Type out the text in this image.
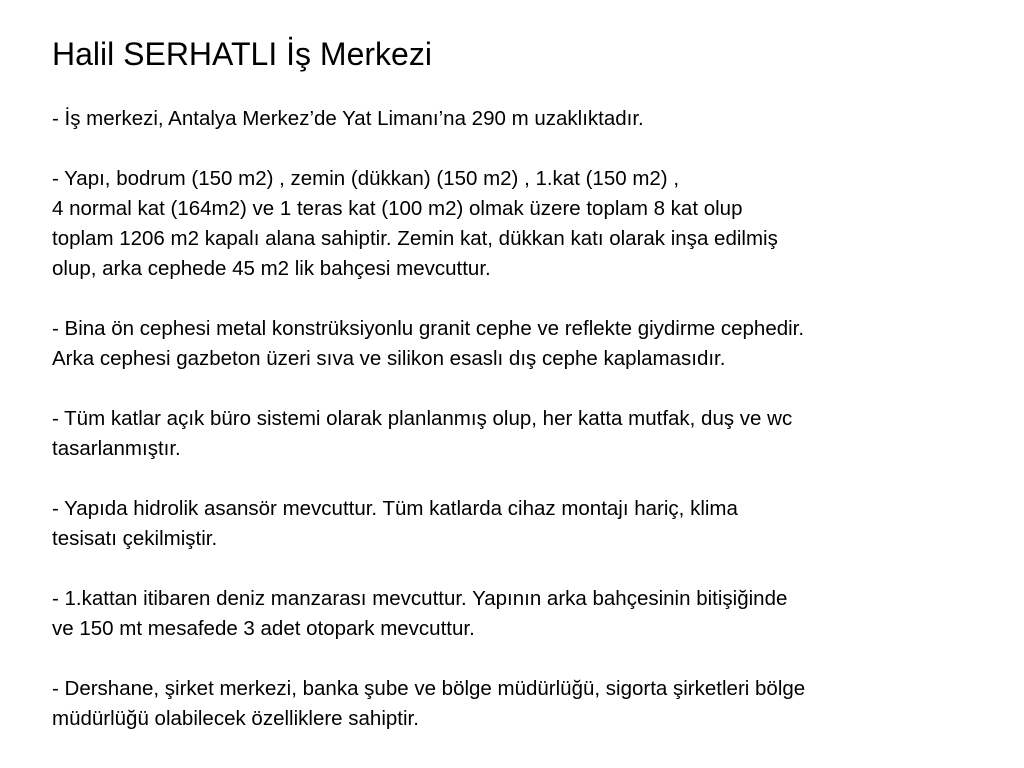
Halil SERHATLI İş Merkezi

- İş merkezi, Antalya Merkez’de Yat Limanı’na 290 m uzaklıktadır.

- Yapı, bodrum (150 m2) , zemin (dükkan) (150 m2) , 1.kat (150 m2) ,
4 normal kat (164m2) ve 1 teras kat (100 m2) olmak üzere toplam 8 kat olup
toplam 1206 m2 kapalı alana sahiptir. Zemin kat, dükkan katı olarak inşa edilmiş
olup, arka cephede 45 m2 lik bahçesi mevcuttur.

- Bina ön cephesi metal konstrüksiyonlu granit cephe ve reflekte giydirme cephedir.
Arka cephesi gazbeton üzeri sıva ve silikon esaslı dış cephe kaplamasıdır.

- Tüm katlar açık büro sistemi olarak planlanmış olup, her katta mutfak, duş ve wc
tasarlanmıştır.

- Yapıda hidrolik asansör mevcuttur. Tüm katlarda cihaz montajı hariç, klima
tesisatı çekilmiştir.

- 1.kattan itibaren deniz manzarası mevcuttur. Yapının arka bahçesinin bitişiğinde
ve 150 mt mesafede 3 adet otopark mevcuttur.

- Dershane, şirket merkezi, banka şube ve bölge müdürlüğü, sigorta şirketleri bölge
müdürlüğü olabilecek özelliklere sahiptir.
